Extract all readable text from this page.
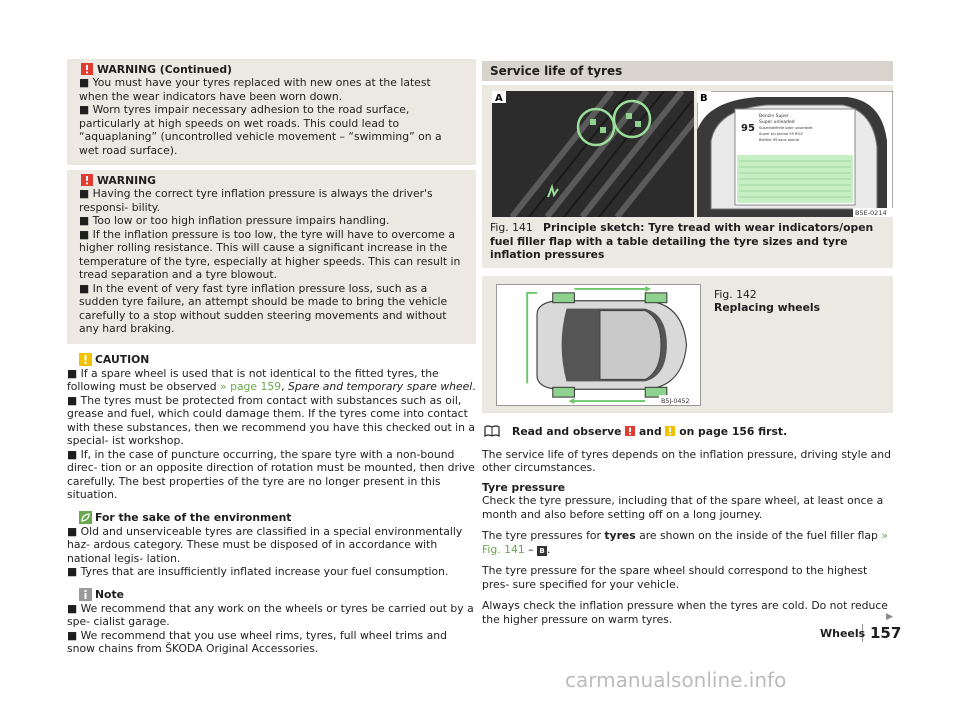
WARNING (Continued)
■ You must have your tyres replaced with new ones at the latest when the wear indicators have been worn down.
■ Worn tyres impair necessary adhesion to the road surface, particularly at high speeds on wet roads. This could lead to “aquaplaning” (uncontrolled vehicle movement – “swimming” on a wet road surface).
WARNING
■ Having the correct tyre inflation pressure is always the driver's responsi- bility.
■ Too low or too high inflation pressure impairs handling.
■ If the inflation pressure is too low, the tyre will have to overcome a higher rolling resistance. This will cause a significant increase in the temperature of the tyre, especially at higher speeds. This can result in tread separation and a tyre blowout.
■ In the event of very fast tyre inflation pressure loss, such as a sudden tyre failure, an attempt should be made to bring the vehicle carefully to a stop without sudden steering movements and without any hard braking.
CAUTION
■ If a spare wheel is used that is not identical to the fitted tyres, the following must be observed » page 159, Spare and temporary spare wheel.
■ The tyres must be protected from contact with substances such as oil, grease and fuel, which could damage them. If the tyres come into contact with these substances, then we recommend you have this checked out in a special- ist workshop.
■ If, in the case of puncture occurring, the spare tyre with a non-bound direc- tion or an opposite direction of rotation must be mounted, then drive carefully. The best properties of the tyre are no longer present in this situation.
For the sake of the environment
■ Old and unserviceable tyres are classified in a special environmentally haz- ardous category. These must be disposed of in accordance with national legis- lation.
■ Tyres that are insufficiently inflated increase your fuel consumption.
Note
■ We recommend that any work on the wheels or tyres be carried out by a spe- cialist garage.
■ We recommend that you use wheel rims, tyres, full wheel trims and snow chains from ŠKODA Original Accessories.
Service life of tyres
A
95
Benzin Super
Super unleaded
Superbleifreie oder unverbleit
Super sin plomo 95 ROZ
Bleifrei 95 sans plomb
B
B5E-0214
Fig. 141 Principle sketch: Tyre tread with wear indicators/open fuel filler flap with a table detailing the tyre sizes and tyre inflation pressures
B5J-0452
Fig. 142
Replacing wheels
Read and observe  and  on page 156 first.
The service life of tyres depends on the inflation pressure, driving style and other circumstances.
Tyre pressure
Check the tyre pressure, including that of the spare wheel, at least once a month and also before setting off on a long journey.
The tyre pressures for tyres are shown on the inside of the fuel filler flap » Fig. 141 – B .
The tyre pressure for the spare wheel should correspond to the highest pres- sure specified for your vehicle.
Always check the inflation pressure when the tyres are cold. Do not reduce the higher pressure on warm tyres.	▶
Wheels 157
carmanualsonline.info
